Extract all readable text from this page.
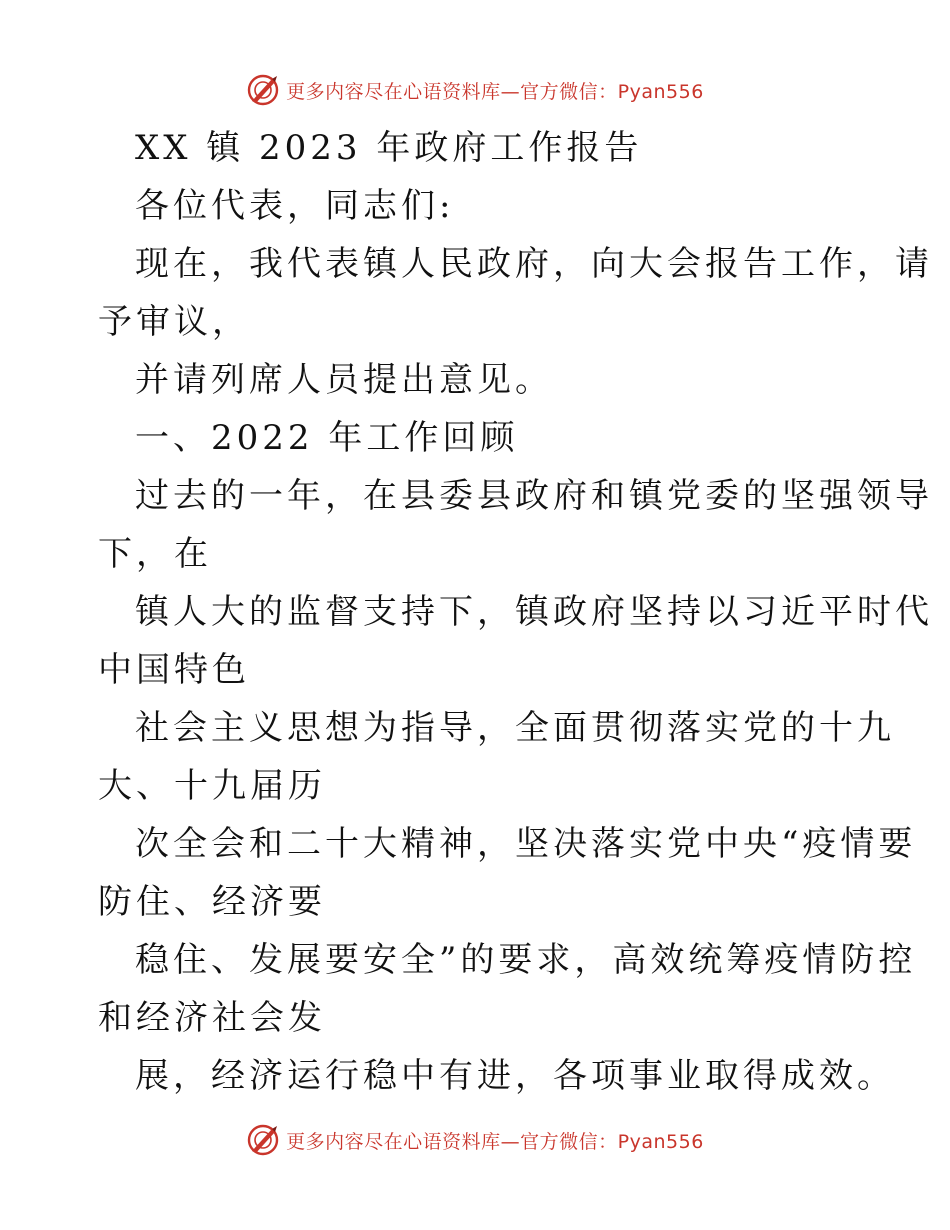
更多内容尽在心语资料库—官方微信：Pyan556
XX 镇 2023 年政府工作报告
各位代表，同志们:
现在，我代表镇人民政府，向大会报告工作，请
予审议，
并请列席人员提出意见。
一、2022 年工作回顾
过去的一年，在县委县政府和镇党委的坚强领导
下，在
镇人大的监督支持下，镇政府坚持以习近平时代
中国特色
社会主义思想为指导，全面贯彻落实党的十九
大、十九届历
次全会和二十大精神，坚决落实党中央“疫情要
防住、经济要
稳住、发展要安全”的要求，高效统筹疫情防控
和经济社会发
展，经济运行稳中有进，各项事业取得成效。
更多内容尽在心语资料库—官方微信：Pyan556
